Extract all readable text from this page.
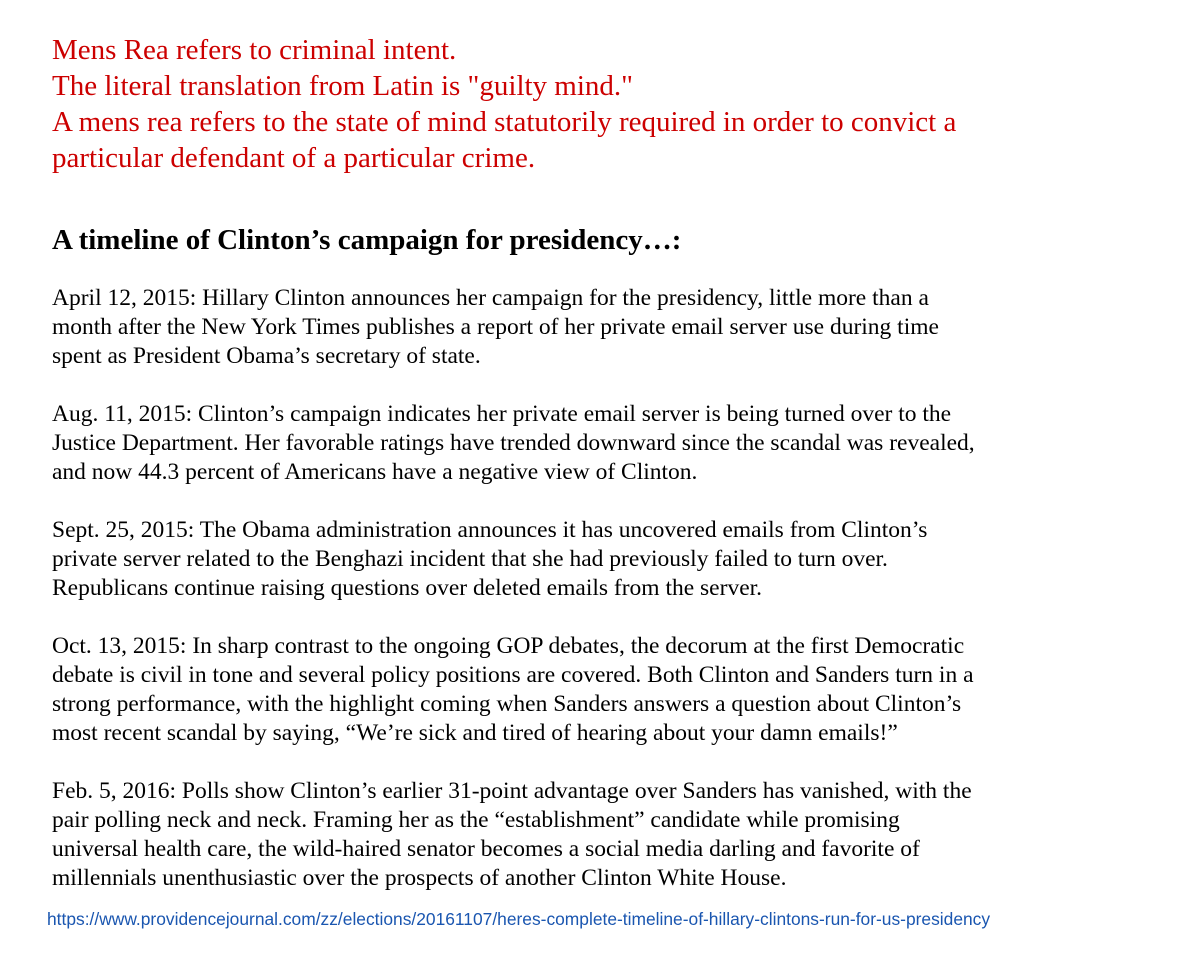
Mens Rea refers to criminal intent.
The literal translation from Latin is "guilty mind."
A mens rea refers to the state of mind statutorily required in order to convict a
particular defendant of a particular crime.
A timeline of Clinton’s campaign for presidency…:
April 12, 2015: Hillary Clinton announces her campaign for the presidency, little more than a
month after the New York Times publishes a report of her private email server use during time
spent as President Obama’s secretary of state.
Aug. 11, 2015: Clinton’s campaign indicates her private email server is being turned over to the
Justice Department. Her favorable ratings have trended downward since the scandal was revealed,
and now 44.3 percent of Americans have a negative view of Clinton.
Sept. 25, 2015: The Obama administration announces it has uncovered emails from Clinton’s
private server related to the Benghazi incident that she had previously failed to turn over.
Republicans continue raising questions over deleted emails from the server.
Oct. 13, 2015: In sharp contrast to the ongoing GOP debates, the decorum at the first Democratic
debate is civil in tone and several policy positions are covered. Both Clinton and Sanders turn in a
strong performance, with the highlight coming when Sanders answers a question about Clinton’s
most recent scandal by saying, “We’re sick and tired of hearing about your damn emails!”
Feb. 5, 2016: Polls show Clinton’s earlier 31-point advantage over Sanders has vanished, with the
pair polling neck and neck. Framing her as the “establishment” candidate while promising
universal health care, the wild-haired senator becomes a social media darling and favorite of
millennials unenthusiastic over the prospects of another Clinton White House.
https://www.providencejournal.com/zz/elections/20161107/heres-complete-timeline-of-hillary-clintons-run-for-us-presidency
